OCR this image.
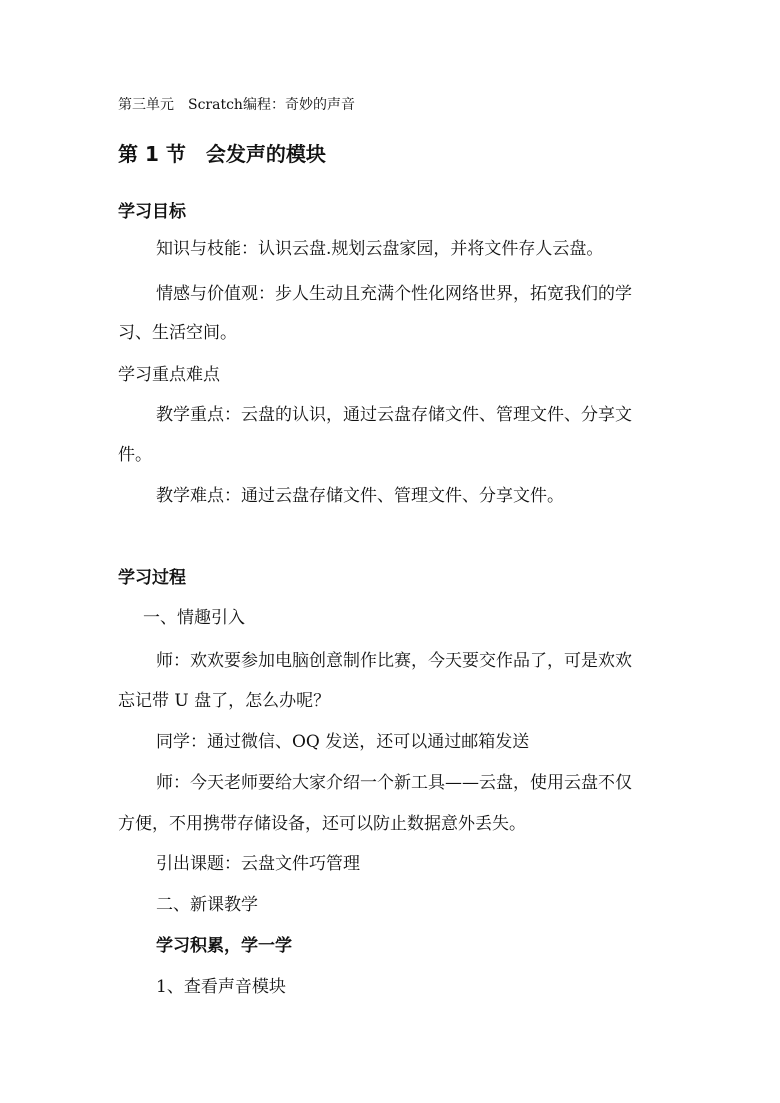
第三单元　Scratch编程：奇妙的声音
第 1 节　会发声的模块
学习目标
知识与枝能：认识云盘.规划云盘家园，并将文件存人云盘。
情感与价值观：步人生动且充满个性化网络世界，拓宽我们的学
习、生活空间。
学习重点难点
教学重点：云盘的认识，通过云盘存储文件、管理文件、分享文
件。
教学难点：通过云盘存储文件、管理文件、分享文件。
学习过程
一、情趣引入
师：欢欢要参加电脑创意制作比赛，今天要交作品了，可是欢欢
忘记带 U 盘了，怎么办呢？
同学：通过微信、OQ 发送，还可以通过邮箱发送
师：今天老师要给大家介绍一个新工具——云盘，使用云盘不仅
方便，不用携带存储设备，还可以防止数据意外丢失。
引出课题：云盘文件巧管理
二、新课教学
学习积累，学一学
1、查看声音模块
